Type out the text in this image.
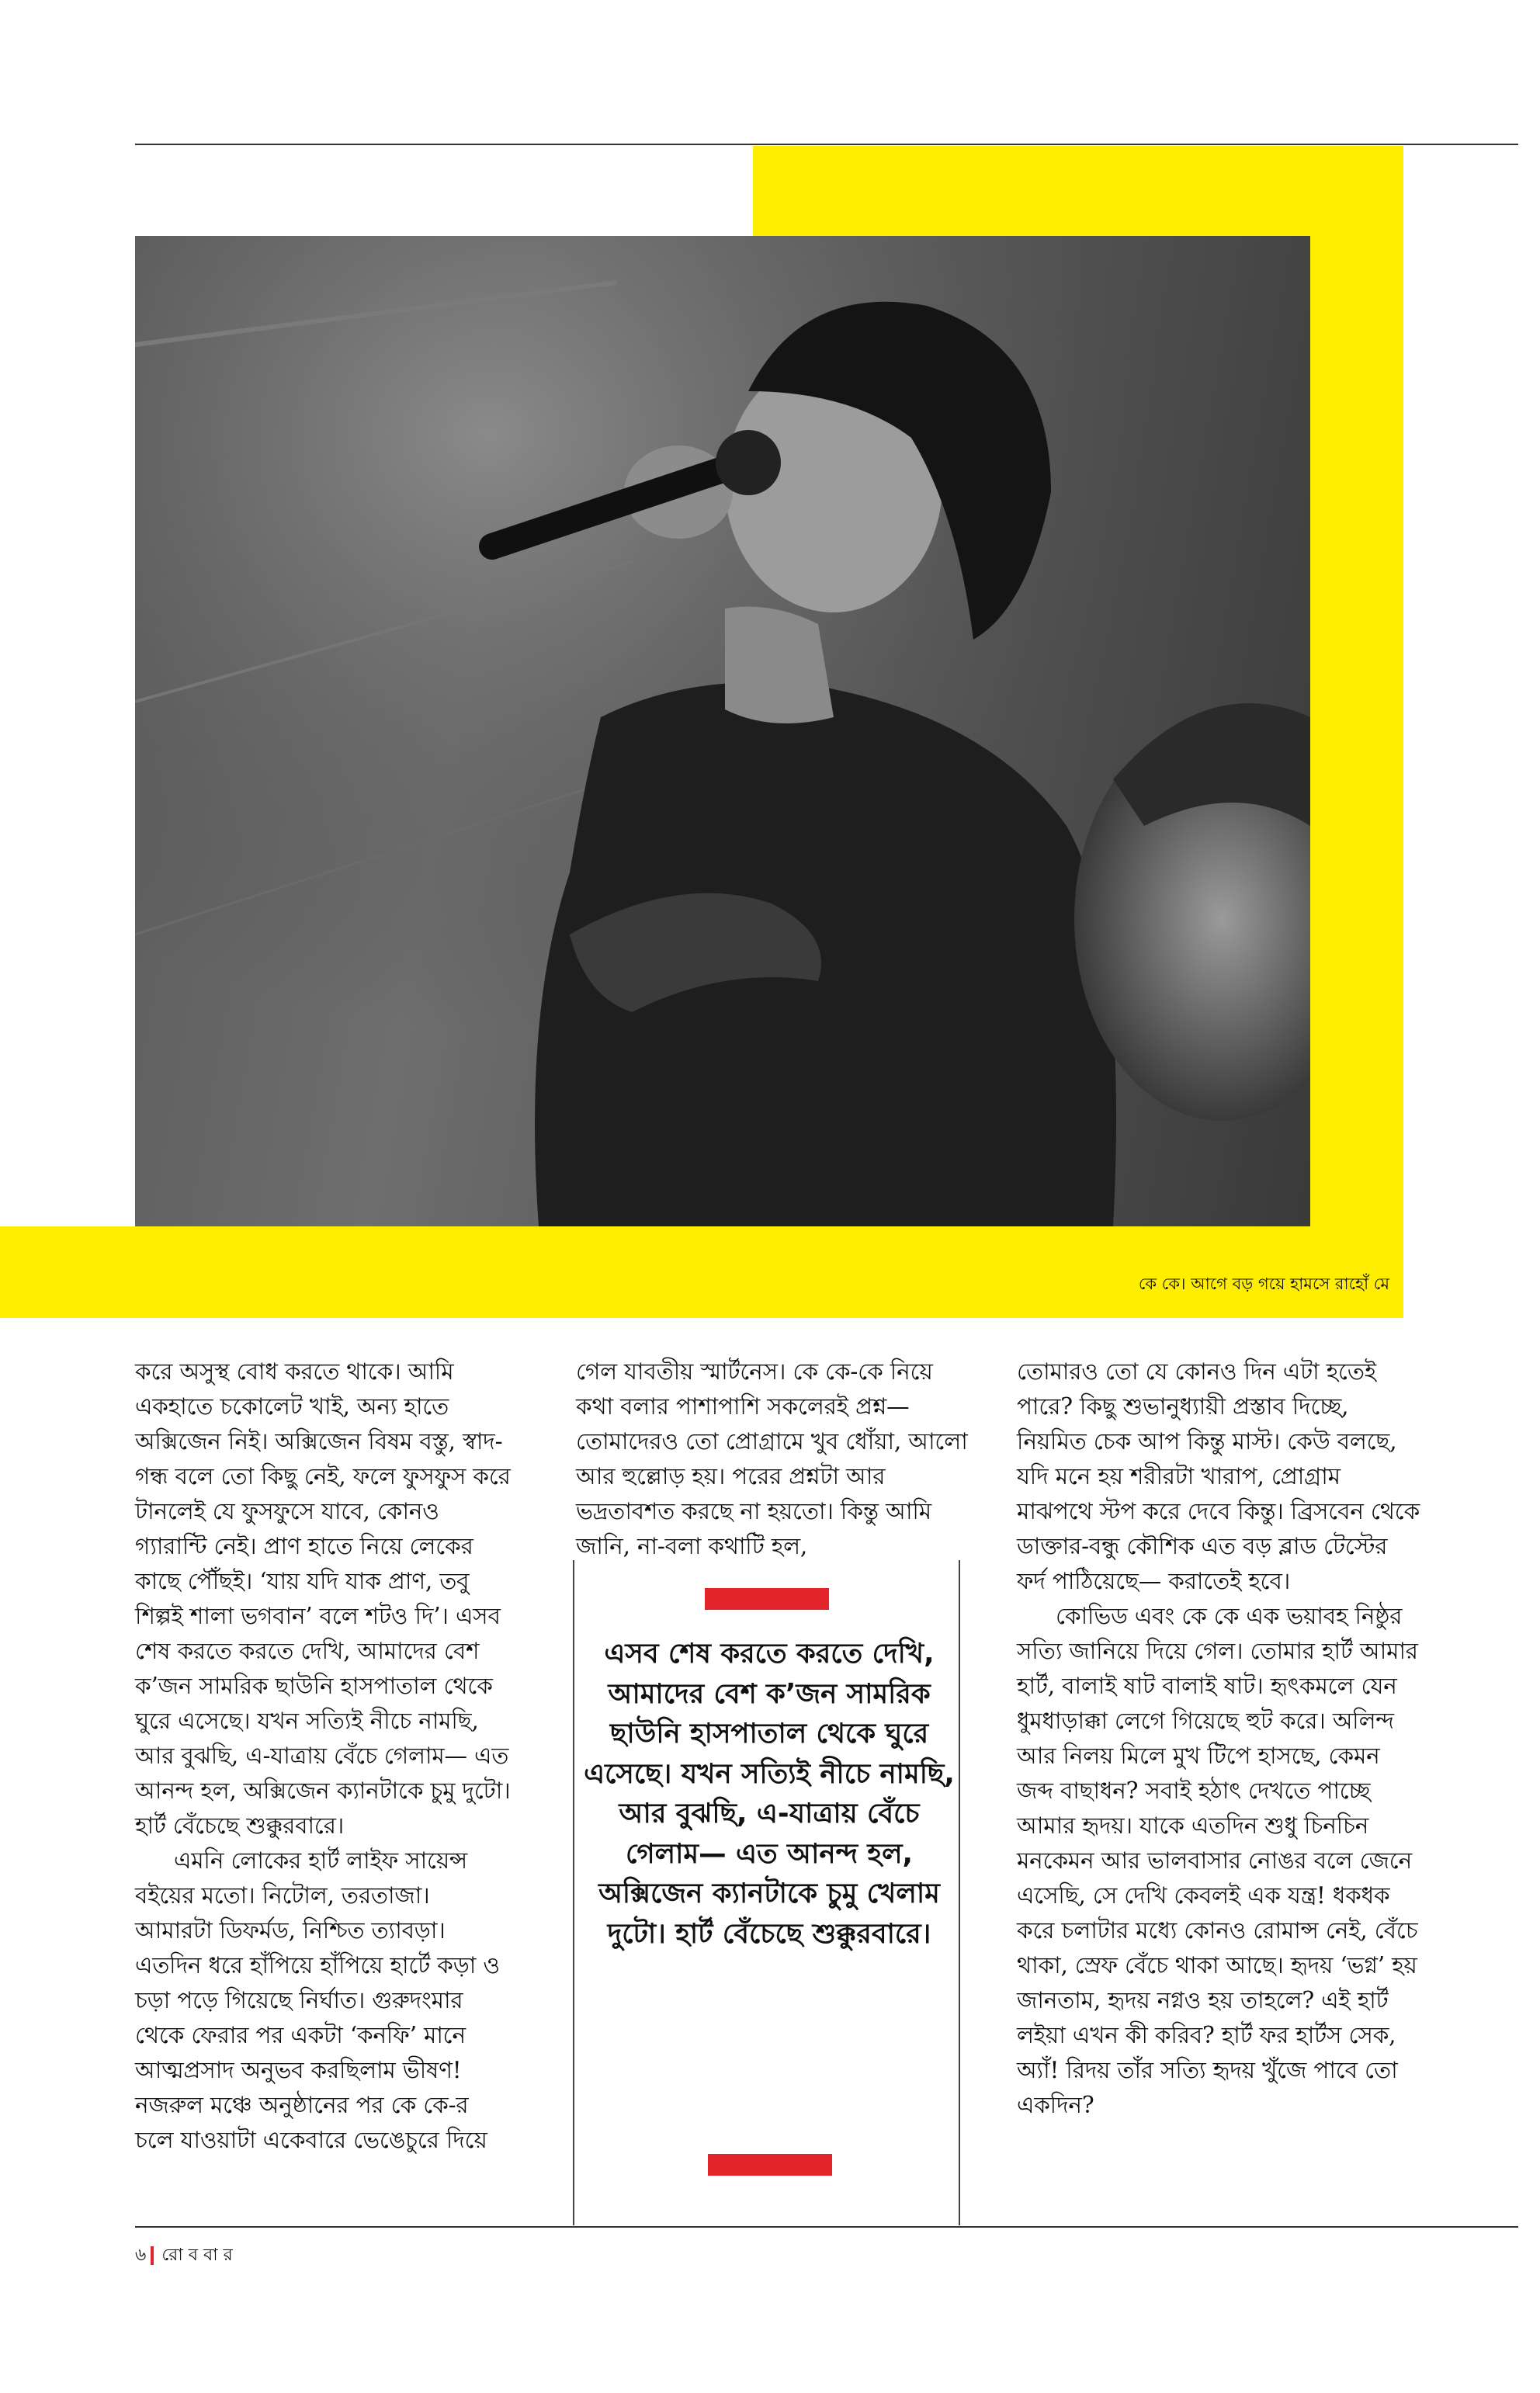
কে কে। আগে বড় গয়ে হামসে রাহোঁ মে

করে অসুস্থ বোধ করতে থাকে। আমি একহাতে চকোলেট খাই, অন্য হাতে অক্সিজেন নিই। অক্সিজেন বিষম বস্তু, স্বাদ-গন্ধ বলে তো কিছু নেই, ফলে ফুসফুস করে টানলেই যে ফুসফুসে যাবে, কোনও গ্যারান্টি নেই। প্রাণ হাতে নিয়ে লেকের কাছে পৌঁছই। ‘যায় যদি যাক প্রাণ, তবু শিল্পই শালা ভগবান’ বলে শটও দি’। এসব শেষ করতে করতে দেখি, আমাদের বেশ ক’জন সামরিক ছাউনি হাসপাতাল থেকে ঘুরে এসেছে। যখন সত্যিই নীচে নামছি, আর বুঝছি, এ-যাত্রায় বেঁচে গেলাম— এত আনন্দ হল, অক্সিজেন ক্যানটাকে চুমু দুটো। হার্ট বেঁচেছে শুক্কুরবারে।

এমনি লোকের হার্ট লাইফ সায়েন্স বইয়ের মতো। নিটোল, তরতাজা। আমারটা ডিফর্মড, নিশ্চিত ত্যাবড়া। এতদিন ধরে হাঁপিয়ে হাঁপিয়ে হার্টে কড়া ও চড়া পড়ে গিয়েছে নির্ঘাত। গুরুদংমার থেকে ফেরার পর একটা ‘কনফি’ মানে আত্মপ্রসাদ অনুভব করছিলাম ভীষণ! নজরুল মঞ্চে অনুষ্ঠানের পর কে কে-র চলে যাওয়াটা একেবারে ভেঙেচুরে দিয়ে

গেল যাবতীয় স্মার্টনেস। কে কে-কে নিয়ে কথা বলার পাশাপাশি সকলেরই প্রশ্ন— তোমাদেরও তো প্রোগ্রামে খুব ধোঁয়া, আলো আর হুল্লোড় হয়। পরের প্রশ্নটা আর ভদ্রতাবশত করছে না হয়তো। কিন্তু আমি জানি, না-বলা কথাটি হল,

তোমারও তো যে কোনও দিন এটা হতেই পারে? কিছু শুভানুধ্যায়ী প্রস্তাব দিচ্ছে, নিয়মিত চেক আপ কিন্তু মাস্ট। কেউ বলছে, যদি মনে হয় শরীরটা খারাপ, প্রোগ্রাম মাঝপথে স্টপ করে দেবে কিন্তু। ব্রিসবেন থেকে ডাক্তার-বন্ধু কৌশিক এত বড় ব্লাড টেস্টের ফর্দ পাঠিয়েছে— করাতেই হবে।

কোভিড এবং কে কে এক ভয়াবহ নিষ্ঠুর সত্যি জানিয়ে দিয়ে গেল। তোমার হার্ট আমার হার্ট, বালাই ষাট বালাই ষাট। হৃৎকমলে যেন ধুমধাড়াক্কা লেগে গিয়েছে হুট করে। অলিন্দ আর নিলয় মিলে মুখ টিপে হাসছে, কেমন জব্দ বাছাধন? সবাই হঠাৎ দেখতে পাচ্ছে আমার হৃদয়। যাকে এতদিন শুধু চিনচিন মনকেমন আর ভালবাসার নোঙর বলে জেনে এসেছি, সে দেখি কেবলই এক যন্ত্র! ধকধক করে চলাটার মধ্যে কোনও রোমান্স নেই, বেঁচে থাকা, স্রেফ বেঁচে থাকা আছে। হৃদয় ‘ভগ্ন’ হয় জানতাম, হৃদয় নগ্নও হয় তাহলে? এই হার্ট লইয়া এখন কী করিব? হার্ট ফর হার্টস সেক, অ্যাঁ! রিদয় তাঁর সত্যি হৃদয় খুঁজে পাবে তো একদিন?

এসব শেষ করতে করতে দেখি, আমাদের বেশ ক’জন সামরিক ছাউনি হাসপাতাল থেকে ঘুরে এসেছে। যখন সত্যিই নীচে নামছি, আর বুঝছি, এ-যাত্রায় বেঁচে গেলাম— এত আনন্দ হল, অক্সিজেন ক্যানটাকে চুমু খেলাম দুটো। হার্ট বেঁচেছে শুক্কুরবারে।
৬ রো ব বা র
